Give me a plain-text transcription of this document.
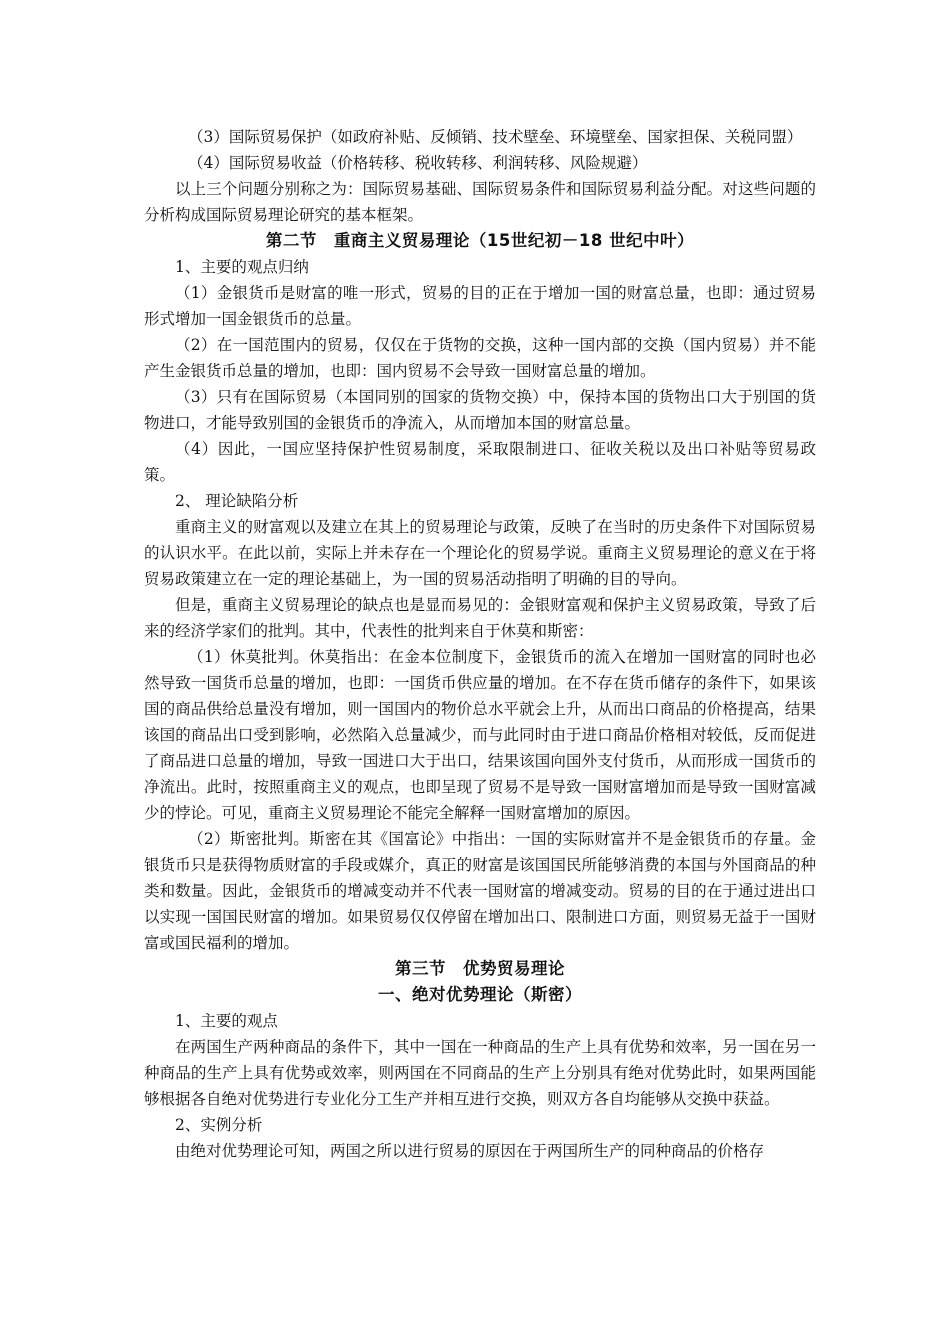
（3）国际贸易保护（如政府补贴、反倾销、技术壁垒、环境壁垒、国家担保、关税同盟）

（4）国际贸易收益（价格转移、税收转移、利润转移、风险规避）

以上三个问题分别称之为：国际贸易基础、国际贸易条件和国际贸易利益分配。对这些问题的分析构成国际贸易理论研究的基本框架。

第二节　重商主义贸易理论（15世纪初－18 世纪中叶）

1、主要的观点归纳

（1）金银货币是财富的唯一形式，贸易的目的正在于增加一国的财富总量，也即：通过贸易形式增加一国金银货币的总量。

（2）在一国范围内的贸易，仅仅在于货物的交换，这种一国内部的交换（国内贸易）并不能产生金银货币总量的增加，也即：国内贸易不会导致一国财富总量的增加。

（3）只有在国际贸易（本国同别的国家的货物交换）中，保持本国的货物出口大于别国的货物进口，才能导致别国的金银货币的净流入，从而增加本国的财富总量。

（4）因此，一国应坚持保护性贸易制度，采取限制进口、征收关税以及出口补贴等贸易政策。

2、 理论缺陷分析

重商主义的财富观以及建立在其上的贸易理论与政策，反映了在当时的历史条件下对国际贸易的认识水平。在此以前，实际上并未存在一个理论化的贸易学说。重商主义贸易理论的意义在于将贸易政策建立在一定的理论基础上，为一国的贸易活动指明了明确的目的导向。

但是，重商主义贸易理论的缺点也是显而易见的：金银财富观和保护主义贸易政策，导致了后来的经济学家们的批判。其中，代表性的批判来自于休莫和斯密：

（1）休莫批判。休莫指出：在金本位制度下，金银货币的流入在增加一国财富的同时也必然导致一国货币总量的增加，也即：一国货币供应量的增加。在不存在货币储存的条件下，如果该国的商品供给总量没有增加，则一国国内的物价总水平就会上升，从而出口商品的价格提高，结果该国的商品出口受到影响，必然陷入总量减少，而与此同时由于进口商品价格相对较低，反而促进了商品进口总量的增加，导致一国进口大于出口，结果该国向国外支付货币，从而形成一国货币的净流出。此时，按照重商主义的观点，也即呈现了贸易不是导致一国财富增加而是导致一国财富减少的悖论。可见，重商主义贸易理论不能完全解释一国财富增加的原因。

（2）斯密批判。斯密在其《国富论》中指出：一国的实际财富并不是金银货币的存量。金银货币只是获得物质财富的手段或媒介，真正的财富是该国国民所能够消费的本国与外国商品的种类和数量。因此，金银货币的增减变动并不代表一国财富的增减变动。贸易的目的在于通过进出口以实现一国国民财富的增加。如果贸易仅仅停留在增加出口、限制进口方面，则贸易无益于一国财富或国民福利的增加。

第三节　优势贸易理论

一、绝对优势理论（斯密）

1、主要的观点

在两国生产两种商品的条件下，其中一国在一种商品的生产上具有优势和效率，另一国在另一种商品的生产上具有优势或效率，则两国在不同商品的生产上分别具有绝对优势此时，如果两国能够根据各自绝对优势进行专业化分工生产并相互进行交换，则双方各自均能够从交换中获益。

2、实例分析

由绝对优势理论可知，两国之所以进行贸易的原因在于两国所生产的同种商品的价格存
